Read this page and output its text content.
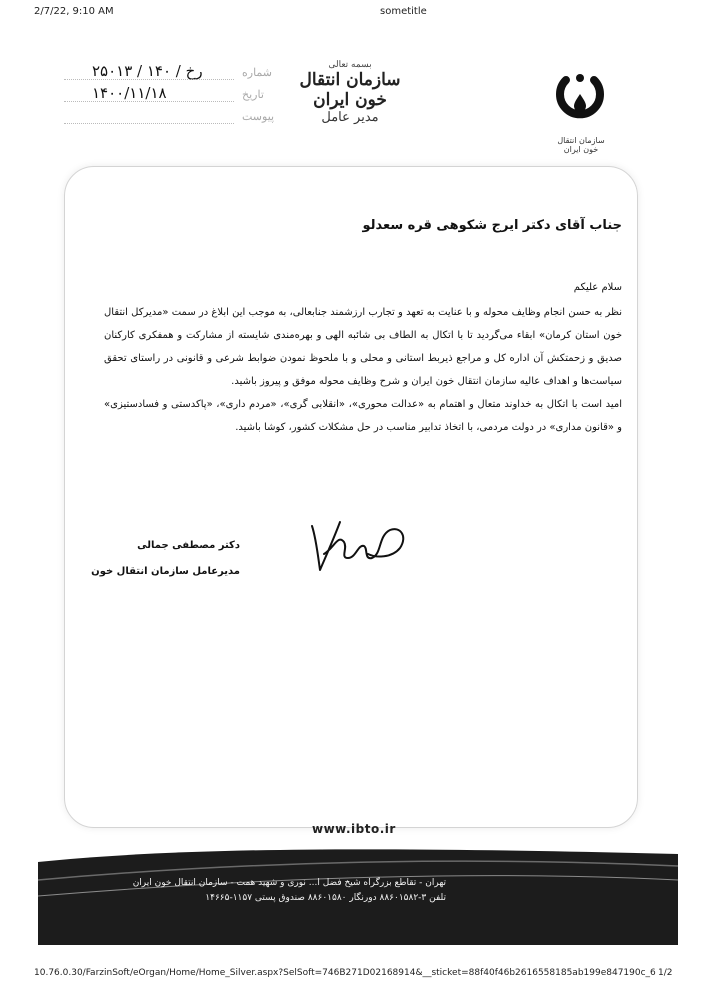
2/7/22, 9:10 AM	sometitle
۲۵۰۱۳ / ۱۴۰ / رخ	شماره
۱۴۰۰/۱۱/۱۸	تاریخ
پیوست
بسمه تعالی
سازمان انتقال خون ایران
مدیر عامل
سازمان انتقال خون ایران
جناب آقای دکتر ایرج شکوهی قره سعدلو

سلام علیکم

نظر به حسن انجام وظایف محوله و با عنایت به تعهد و تجارب ارزشمند جنابعالی، به موجب این ابلاغ در سمت «مدیرکل انتقال خون استان کرمان» ابقاء می‌گردید تا با اتکال به الطاف بی شائبه الهی و بهره‌مندی شایسته از مشارکت و همفکری کارکنان صدیق و زحمتکش آن اداره کل و مراجع ذیربط استانی و محلی و با ملحوظ نمودن ضوابط شرعی و قانونی در راستای تحقق سیاست‌ها و اهداف عالیه سازمان انتقال خون ایران و شرح وظایف محوله موفق و پیروز باشید.

امید است با اتکال به خداوند متعال و اهتمام به «عدالت محوری»، «انقلابی گری»، «مردم داری»، «پاکدستی و فسادستیزی» و «قانون مداری» در دولت مردمی، با اتخاذ تدابیر مناسب در حل مشکلات کشور، کوشا باشید.

دکتر مصطفی جمالی
مدیرعامل سازمان انتقال خون
www.ibto.ir
تهران - تقاطع بزرگراه شیخ فضل ا... نوری و شهید همت - سازمان انتقال خون ایران
تلفن ۳-۸۸۶۰۱۵۸۲ دورنگار ۸۸۶۰۱۵۸۰ صندوق پستی ۱۱۵۷-۱۴۶۶۵
10.76.0.30/FarzinSoft/eOrgan/Home/Home_Silver.aspx?SelSoft=746B271D02168914&__sticket=88f40f46b2616558185ab199e847190c_6 1/2
